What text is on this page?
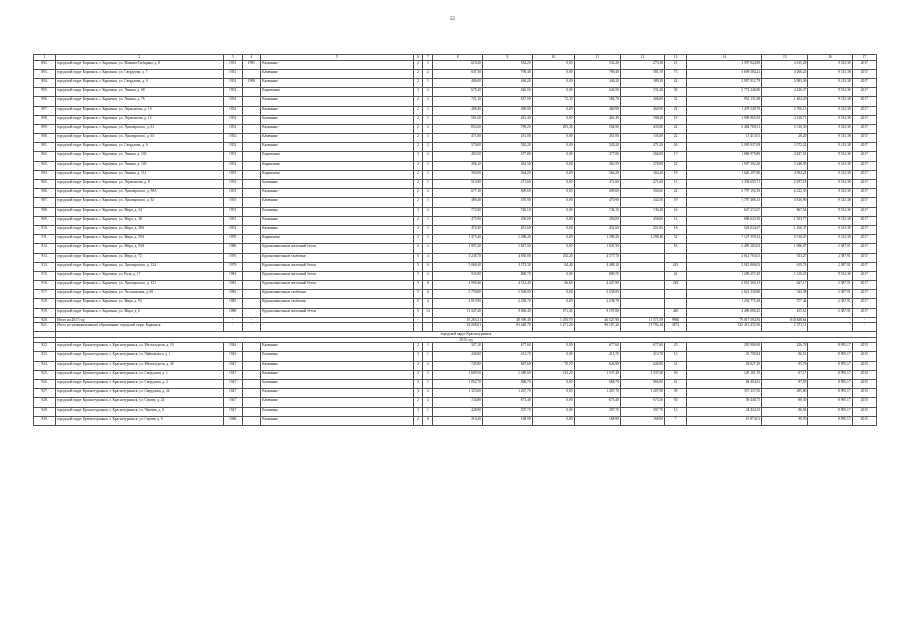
55
1	2	3	4	5	6	7	8	9	10	11	12	13	14	15	16	17
892.	городской округ Карпинск, г. Карпинск, ул. Мамина-Сибиряка, д. 8	1951	1995	Каменные	2	1	618,20	532,20	0,00	532,20	273,30	21	1 397 924,89	3 615,28	9 313,38	2017
893.	городской округ Карпинск, г. Карпинск, ул. Свердлова, д. 7	1951		Каменные	2	2	847,30	790,40	0,00	790,40	581,70	73	3 609 584,21	4 266,23	9 313,38	2017
894.	городской округ Карпинск, г. Карпинск, ул. Свердлова, д. 9	1951	1998	Каменные	2	1	486,00	446,20	0,00	446,20	389,20	24	2 907 912,79	5 983,36	9 313,38	2017
895.	городской округ Карпинск, г. Карпинск, ул. Ленина, д. 68	1952		Кирпичные	2	2	675,30	626,50	0,00	626,50	531,40	30	2 772 246,80	4 426,37	9 313,38	2017
896.	городской округ Карпинск, г. Карпинск, ул. Ленина, д. 76	1952		Каменные	2	2	721,10	657,00	72,30	584,70	406,00	32	952 131,98	1 404,29	9 313,38	2017
897.	городской округ Карпинск, г. Карпинск, ул. Лермонтова, д. 10	1952		Каменные	2	1	498,40	460,90	0,00	460,90	460,90	24	1 478 549,70	2 706,15	9 313,38	2017
898.	городской округ Карпинск, г. Карпинск, ул. Лермонтова, д. 12	1952		Каменные	2	1	501,60	461,40	0,00	461,40	398,40	19	1 908 965,55	4 310,71	9 313,38	2017
899.	городской округ Карпинск, г. Карпинск, ул. Луначарского, д. 61	1952		Каменные	2	2	852,60	798,20	293,30	504,90	433,80	22	3 464 780,51	5 310,30	9 313,38	2017
900.	городской округ Карпинск, г. Карпинск, ул. Луначарского, д. 63	1952		Каменные	2	1	471,00	451,00	0,00	451,00	135,00	22	13 413,01	28,20	9 313,38	2017
901.	городской округ Карпинск, г. Карпинск, ул. Свердлова, д. 6	1952		Каменные	2	2	570,00	520,20	0,00	520,20	471,20	26	2 929 937,08	3 572,22	9 313,38	2017
902.	городской округ Карпинск, г. Карпинск, ул. Ленина, д. 102	1953		Кирпичные	2	2	403,50	377,80	0,00	377,80	266,00	17	1 868 979,89	4 947,01	9 313,38	2017
903.	городской округ Карпинск, г. Карпинск, ул. Ленина, д. 105	1953		Кирпичные	2	1	396,10	363,50	0,00	363,50	378,00	23	1 907 592,30	5 248,95	9 313,38	2017
904.	городской округ Карпинск, г. Карпинск, ул. Ленина, д. 112	1953		Кирпичные	2	1	394,90	364,20	0,00	364,20	364,20	19	1 626 197,80	4 502,21	9 313,38	2017
905.	городской округ Карпинск, г. Карпинск, ул. Лермонтова, д. 8	1953		Каменные	2	1	510,90	471,60	0,00	471,60	471,60	13	1 394 695,71	2 957,18	9 313,38	2017
906.	городской округ Карпинск, г. Карпинск, ул. Луначарского, д. 90А	1953		Каменные	2	2	677,10	609,60	0,00	609,60	504,60	22	3 797 192,39	6 222,33	9 313,38	2017
907.	городской округ Карпинск, г. Карпинск, ул. Луначарского, д. 92	1953		Каменные	2	1	489,40	470,90	0,00	470,90	432,50	19	1 797 486,13	3 816,96	9 313,38	2017
908.	городской округ Карпинск, г. Карпинск, ул. Мира, д. 34	1953		Каменные	2	2	772,90	746,10	0,00	746,10	746,40	23	647 272,67	867,54	9 313,38	2017
909.	городской округ Карпинск, г. Карпинск, ул. Мира, д. 38	1953		Каменные	2	1	475,90	456,00	0,00	456,00	458,00	14	688 643,56	1 503,77	9 313,38	2017
910.	городской округ Карпинск, г. Карпинск, ул. Мира, д. 38А	1953		Каменные	2	1	470,30	451,60	0,00	451,60	451,60	18	524 024,67	1 160,37	9 313,38	2017
911.	городской округ Карпинск, г. Карпинск, ул. Мира, д. 59А	1959		Кирпичные	3	3	1 475,40	1 298,20	0,00	1 298,20	1 298,40	52	7 127 159,33	5 510,47	9 313,38	2017
912.	городской округ Карпинск, г. Карпинск, ул. Мира, д. 94А	1986		Крупнопанельные железный бетон	5	2	1 997,20	1 847,50	0,00	1 847,50		63	2 499 282,03	1 096,07	2 387,91	2017
913.	городской округ Карпинск, г. Карпинск, ул. Мира, д. 72	1976		Крупнопанельные глыбовые	5	4	5 238,70	4 830,00	252,20	4 577,70			2 612 763,01	533,27	2 387,91	2017
914.	городской округ Карпинск, г. Карпинск, ул. Луначарского, д. 124	1979		Крупнопанельные железный бетон	5	6	5 068,40	4 572,50	84,40	4 488,10		243	2 923 868,03	619,76	2 387,91	2017
915.	городской округ Карпинск, г. Карпинск, ул. Куль, д. 17	1981		Крупнопанельные железный бетон	5	2	935,90	890,70	0,00	890,70		41	1 209 257,49	1 310,25	9 313,38	2017
916.	городской округ Карпинск, г. Карпинск, ул. Луначарского, д. 121	1981		Крупнопанельные железный бетон	5	8	4 990,40	4 514,40	66,60	4 447,80		249	2 831 360,15	627,17	2 387,91	2017
917.	городской округ Карпинск, г. Карпинск, ул. Лесопильная, д. 69	1983		Крупнопанельные глыбовые	5	6	5 759,80	5 558,00	0,00	5 558,00			3 021 330,80	543,58	2 387,91	2017
918.	городской округ Карпинск, г. Карпинск, ул. Мира, д. 93	1983		Крупнопанельные глыбовые	5	4	2 819,90	2 238,70	0,00	2 238,70			1 292 775,38	577,44	2 387,91	2017
919.	городской округ Карпинск, г. Карпинск, ул. Мира, д. 6	1988		Крупнопанельные железный бетон	5	14	11 347,40	9 868,40	671,40	9 197,00		440	4 496 086,25	455,61	2 387,91	2017
920.	Итого на 2017 год	-	-	-	-	-	55 263,31	48 390,40	1 476,70	46 527,90	11 571,30	9965	79 017 592,84	810 838,64	-	-
921.	Итого по муниципальному образованию городской округ Карпинск	-	-	-	-	-	92 068,81	83 440,70	1 271,20	80 107,20	17 784,20	3873	325 413 435,96	1 371,11	-	-
	городской округ Краснотурьинск															
	2015 год															
922.	городской округ Краснотурьинск, г. Краснотурьинск, ул. Металлургов, д. 10	1944		Каменные	2	1	327,10	677,60	0,00	677,60	677,60	25	295 906,90	436,78	8 995,17	2015
923.	городской округ Краснотурьинск, г. Краснотурьинск, ул. Чайковского, д. 1	1945		Каменные	2	1	440,00	413,70	0,00	413,70	413,70	13	35 790,84	86,51	8 995,17	2015
924.	городской округ Краснотурьинск, г. Краснотурьинск, ул. Металлургов, д. 49	1947		Каменные	2	2	745,80	697,60	70,70	626,90	626,90	31	59 827,29	85,76	8 995,17	2015
925.	городской округ Краснотурьинск, г. Краснотурьинск, ул. Свердлова, д. 1	1947		Каменные	3	3	1 609,50	1 480,60	143,20	1 337,40	1 337,60	59	129 101,70	87,17	8 995,17	2015
926.	городской округ Краснотурьинск, г. Краснотурьинск, ул. Свердлова, д. 2	1947		Каменные	3	1	1 052,70	968,70	0,00	968,70	966,90	41	84 404,81	87,95	8 995,17	2015
927.	городской округ Краснотурьинск, г. Краснотурьинск, ул. Свердлова, д. 22	1947		Каменные	3	2	1 325,60	1 207,70	0,00	1 207,70	1 207,90	39	357 237,50	295,80	8 995,17	2015
928.	городской округ Краснотурьинск, г. Краснотурьинск, ул. Серова, д. 24	1947		Каменные	2	2	724,80	673,40	0,00	673,40	673,30	30	59 448,75	88,30	8 995,17	2015
929.	городской округ Краснотурьинск, г. Краснотурьинск, ул. Чапаева, д. 8	1947		Каменные	2	1	428,90	397,70	0,00	397,70	397,70	13	34 424,35	86,56	8 995,17	2015
930.	городской округ Краснотурьинск, г. Краснотурьинск, ул. Серова, д. 9	1948		Каменные	2	8	210,20	168,90	0,00	168,90	168,90	7	16 874,01	99,59	8 995,17	2015
